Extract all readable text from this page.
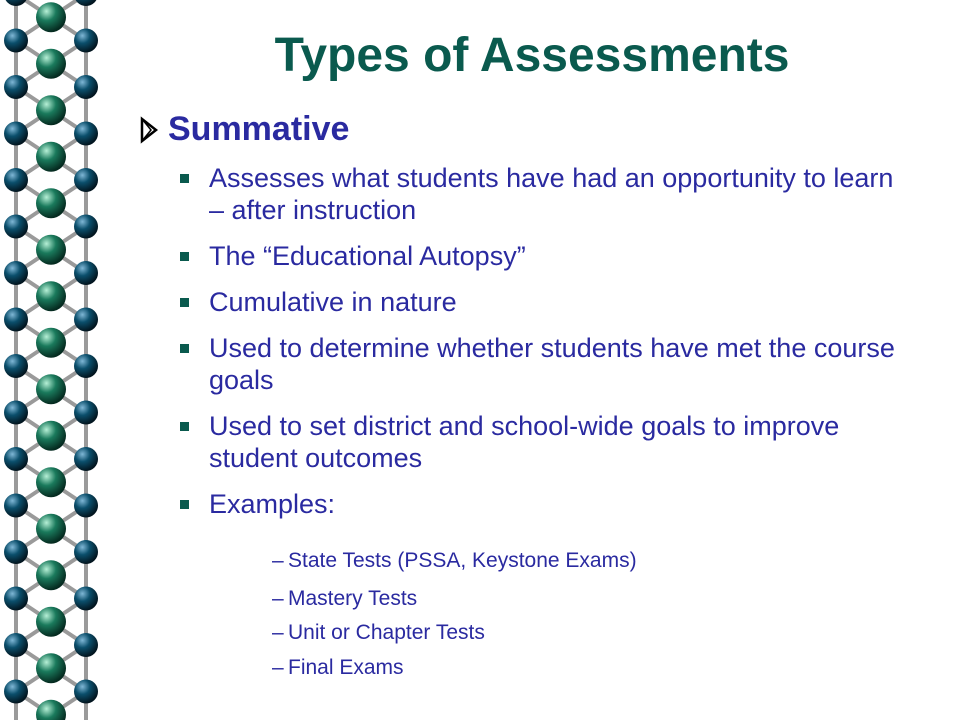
Types of Assessments
Summative
Assesses what students have had an opportunity to learn – after instruction
The “Educational Autopsy”
Cumulative in nature
Used to determine whether students have met the course goals
Used to set district and school-wide goals to improve student outcomes
Examples:
– State Tests (PSSA, Keystone Exams)
– Mastery Tests
– Unit or Chapter Tests
– Final Exams
